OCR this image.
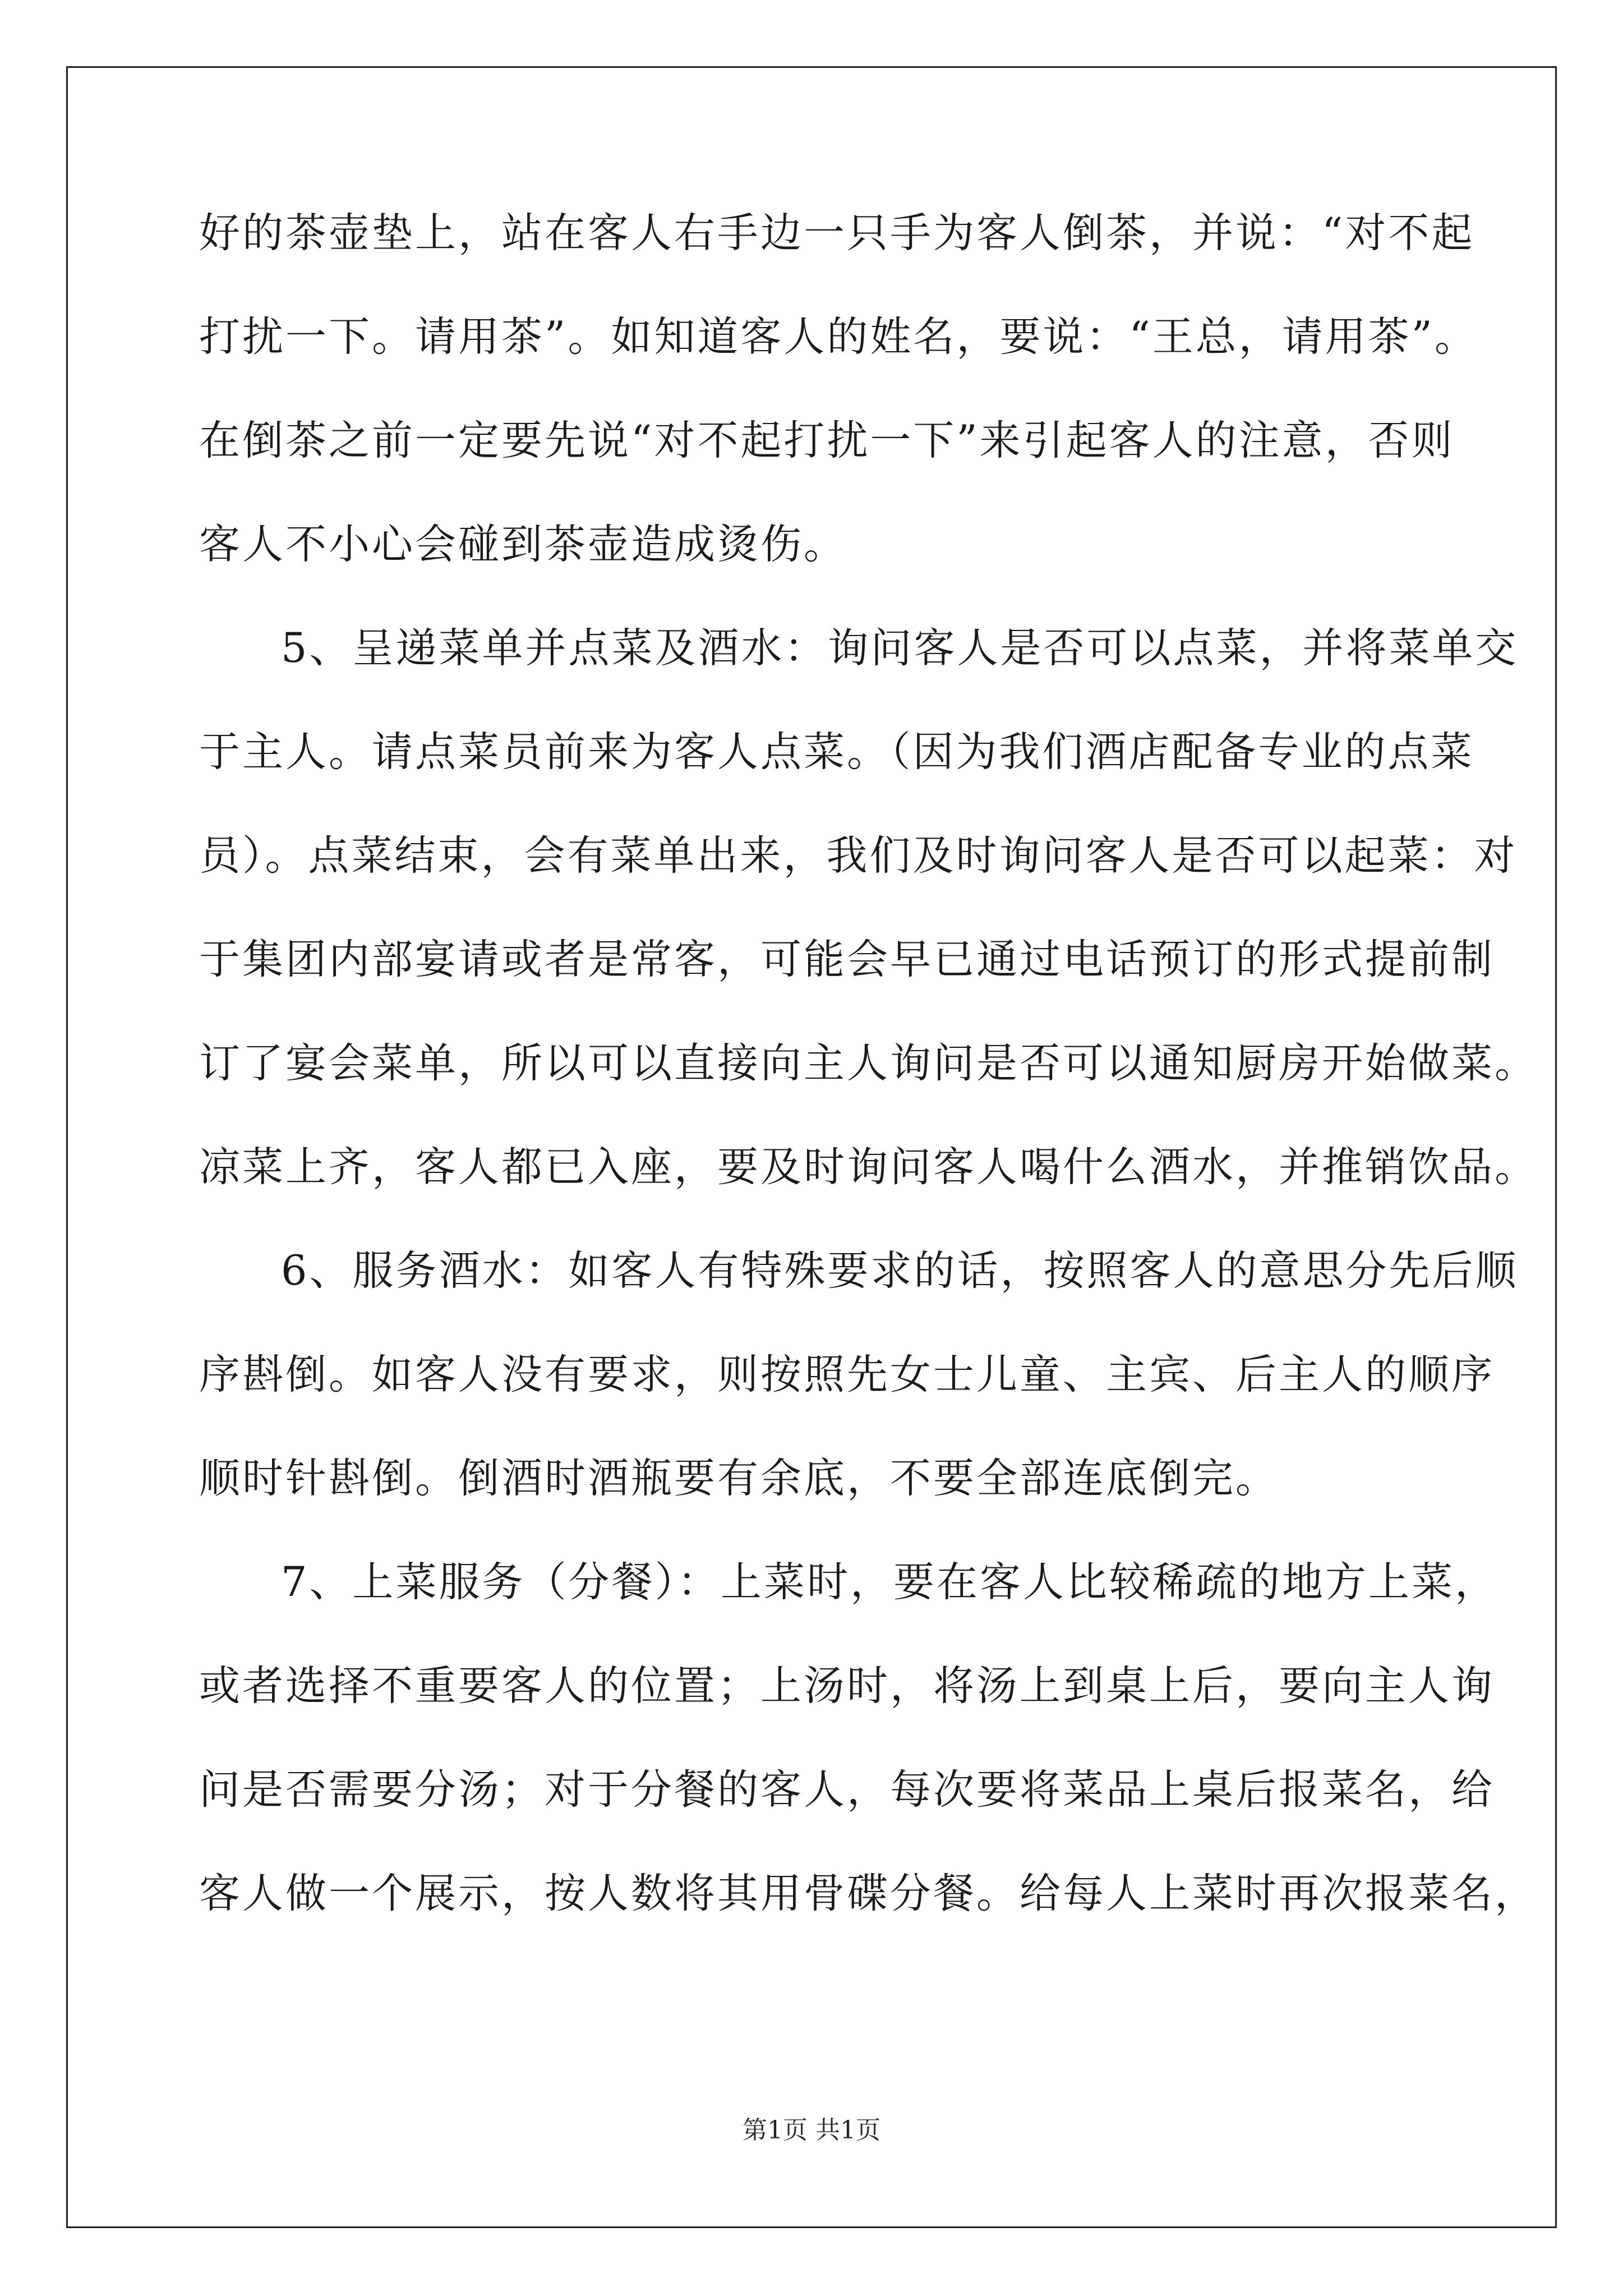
好的茶壶垫上，站在客人右手边一只手为客人倒茶，并说：“对不起
打扰一下。请用茶”。如知道客人的姓名，要说：“王总，请用茶”。
在倒茶之前一定要先说“对不起打扰一下”来引起客人的注意，否则
客人不小心会碰到茶壶造成烫伤。
5、呈递菜单并点菜及酒水：询问客人是否可以点菜，并将菜单交
于主人。请点菜员前来为客人点菜。（因为我们酒店配备专业的点菜
员）。点菜结束，会有菜单出来，我们及时询问客人是否可以起菜：对
于集团内部宴请或者是常客，可能会早已通过电话预订的形式提前制
订了宴会菜单，所以可以直接向主人询问是否可以通知厨房开始做菜。
凉菜上齐，客人都已入座，要及时询问客人喝什么酒水，并推销饮品。
6、服务酒水：如客人有特殊要求的话，按照客人的意思分先后顺
序斟倒。如客人没有要求，则按照先女士儿童、主宾、后主人的顺序
顺时针斟倒。倒酒时酒瓶要有余底，不要全部连底倒完。
7、上菜服务（分餐）：上菜时，要在客人比较稀疏的地方上菜，
或者选择不重要客人的位置；上汤时，将汤上到桌上后，要向主人询
问是否需要分汤；对于分餐的客人，每次要将菜品上桌后报菜名，给
客人做一个展示，按人数将其用骨碟分餐。给每人上菜时再次报菜名，
第1页 共1页
